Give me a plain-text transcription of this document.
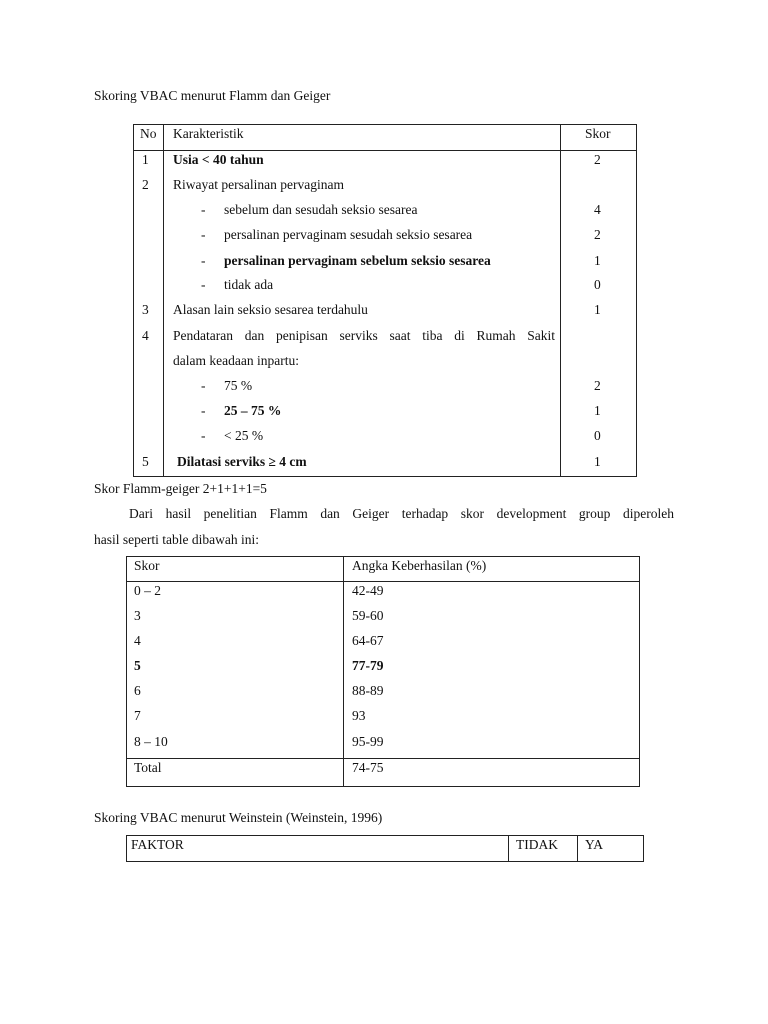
Skoring VBAC menurut Flamm dan Geiger
No Karakteristik	Skor
1 Usia < 40 tahun	2
2 Riwayat persalinan pervaginam
- sebelum dan sesudah seksio sesarea	4
- persalinan pervaginam sesudah seksio sesarea	2
- persalinan pervaginam sebelum seksio sesarea	1
- tidak ada	0
3 Alasan lain seksio sesarea terdahulu	1
4 Pendataran dan penipisan serviks saat tiba di Rumah Sakit
dalam keadaan inpartu:
- 75 %	2
- 25 – 75 %	1
- < 25 %	0
5 Dilatasi serviks ≥ 4 cm	1
Skor Flamm-geiger 2+1+1+1=5
Dari hasil penelitian Flamm dan Geiger terhadap skor development group diperoleh
hasil seperti table dibawah ini:
Skor	Angka Keberhasilan (%)
0 – 2	42-49
3	59-60
4	64-67
5	77-79
6	88-89
7	93
8 – 10	95-99
Total	74-75
Skoring VBAC menurut Weinstein (Weinstein, 1996)
FAKTOR	TIDAK YA
